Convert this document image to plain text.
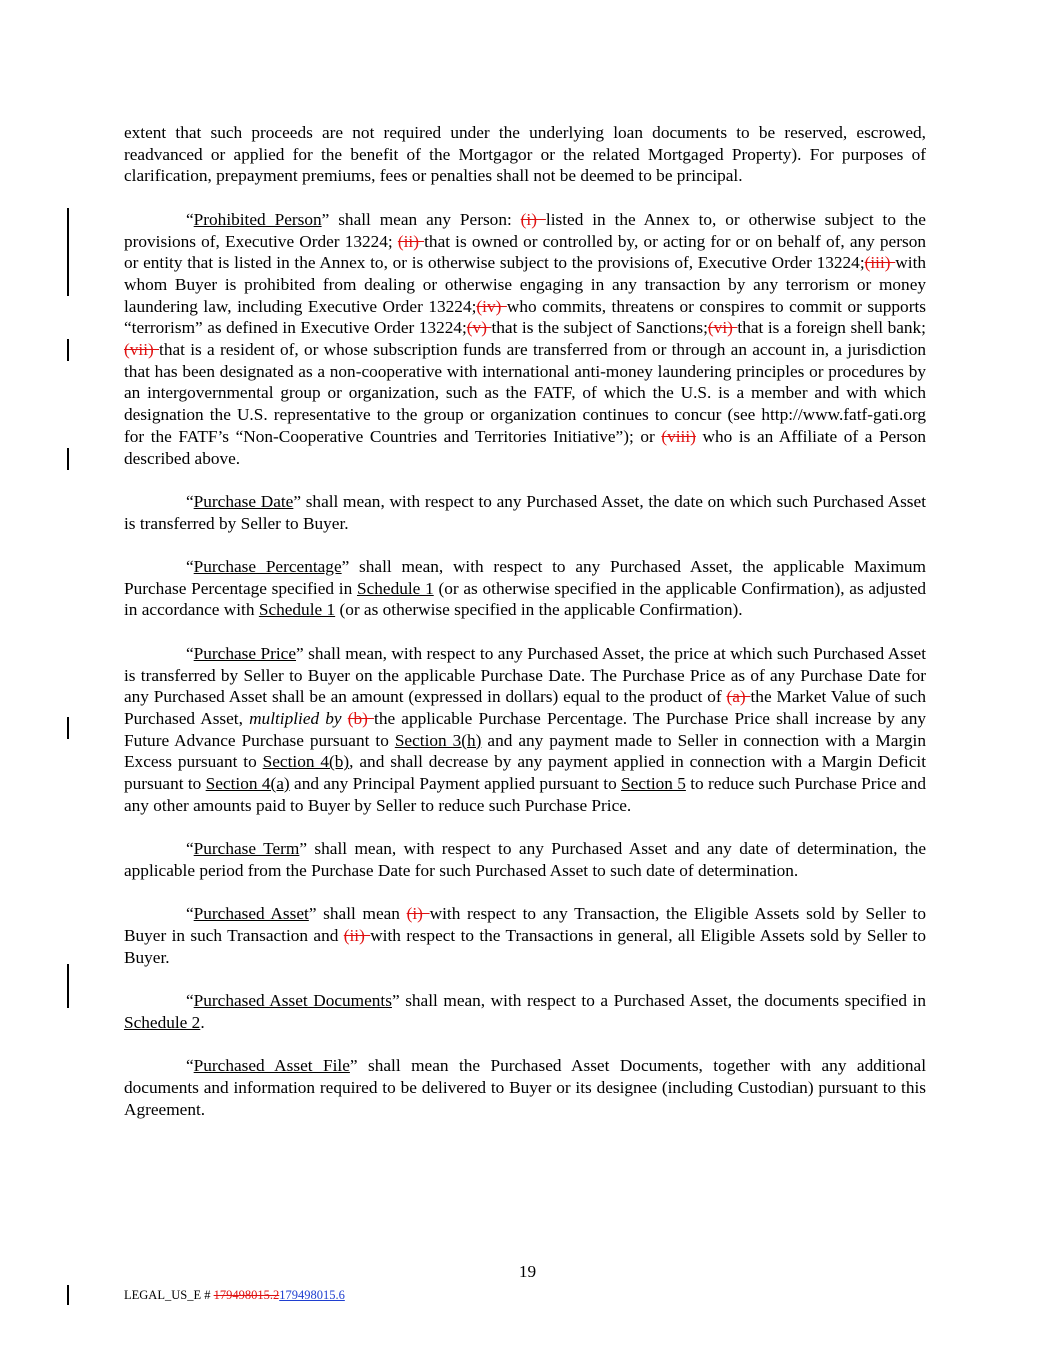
extent that such proceeds are not required under the underlying loan documents to be reserved, escrowed, readvanced or applied for the benefit of the Mortgagor or the related Mortgaged Property). For purposes of clarification, prepayment premiums, fees or penalties shall not be deemed to be principal.

“Prohibited Person” shall mean any Person: (i) listed in the Annex to, or otherwise subject to the provisions of, Executive Order 13224; (ii) that is owned or controlled by, or acting for or on behalf of, any person or entity that is listed in the Annex to, or is otherwise subject to the provisions of, Executive Order 13224;(iii) with whom Buyer is prohibited from dealing or otherwise engaging in any transaction by any terrorism or money laundering law, including Executive Order 13224;(iv) who commits, threatens or conspires to commit or supports “terrorism” as defined in Executive Order 13224;(v) that is the subject of Sanctions;(vi) that is a foreign shell bank; (vii) that is a resident of, or whose subscription funds are transferred from or through an account in, a jurisdiction that has been designated as a non-cooperative with international anti-money laundering principles or procedures by an intergovernmental group or organization, such as the FATF, of which the U.S. is a member and with which designation the U.S. representative to the group or organization continues to concur (see http://www.fatf-gati.org for the FATF’s “Non-Cooperative Countries and Territories Initiative”); or (viii) who is an Affiliate of a Person described above.

“Purchase Date” shall mean, with respect to any Purchased Asset, the date on which such Purchased Asset is transferred by Seller to Buyer.

“Purchase Percentage” shall mean, with respect to any Purchased Asset, the applicable Maximum Purchase Percentage specified in Schedule 1 (or as otherwise specified in the applicable Confirmation), as adjusted in accordance with Schedule 1 (or as otherwise specified in the applicable Confirmation).

“Purchase Price” shall mean, with respect to any Purchased Asset, the price at which such Purchased Asset is transferred by Seller to Buyer on the applicable Purchase Date. The Purchase Price as of any Purchase Date for any Purchased Asset shall be an amount (expressed in dollars) equal to the product of (a) the Market Value of such Purchased Asset, multiplied by (b) the applicable Purchase Percentage. The Purchase Price shall increase by any Future Advance Purchase pursuant to Section 3(h) and any payment made to Seller in connection with a Margin Excess pursuant to Section 4(b), and shall decrease by any payment applied in connection with a Margin Deficit pursuant to Section 4(a) and any Principal Payment applied pursuant to Section 5 to reduce such Purchase Price and any other amounts paid to Buyer by Seller to reduce such Purchase Price.

“Purchase Term” shall mean, with respect to any Purchased Asset and any date of determination, the applicable period from the Purchase Date for such Purchased Asset to such date of determination.

“Purchased Asset” shall mean (i) with respect to any Transaction, the Eligible Assets sold by Seller to Buyer in such Transaction and (ii) with respect to the Transactions in general, all Eligible Assets sold by Seller to Buyer.

“Purchased Asset Documents” shall mean, with respect to a Purchased Asset, the documents specified in Schedule 2.

“Purchased Asset File” shall mean the Purchased Asset Documents, together with any additional documents and information required to be delivered to Buyer or its designee (including Custodian) pursuant to this Agreement.

19
LEGAL_US_E # 179498015.2179498015.6
